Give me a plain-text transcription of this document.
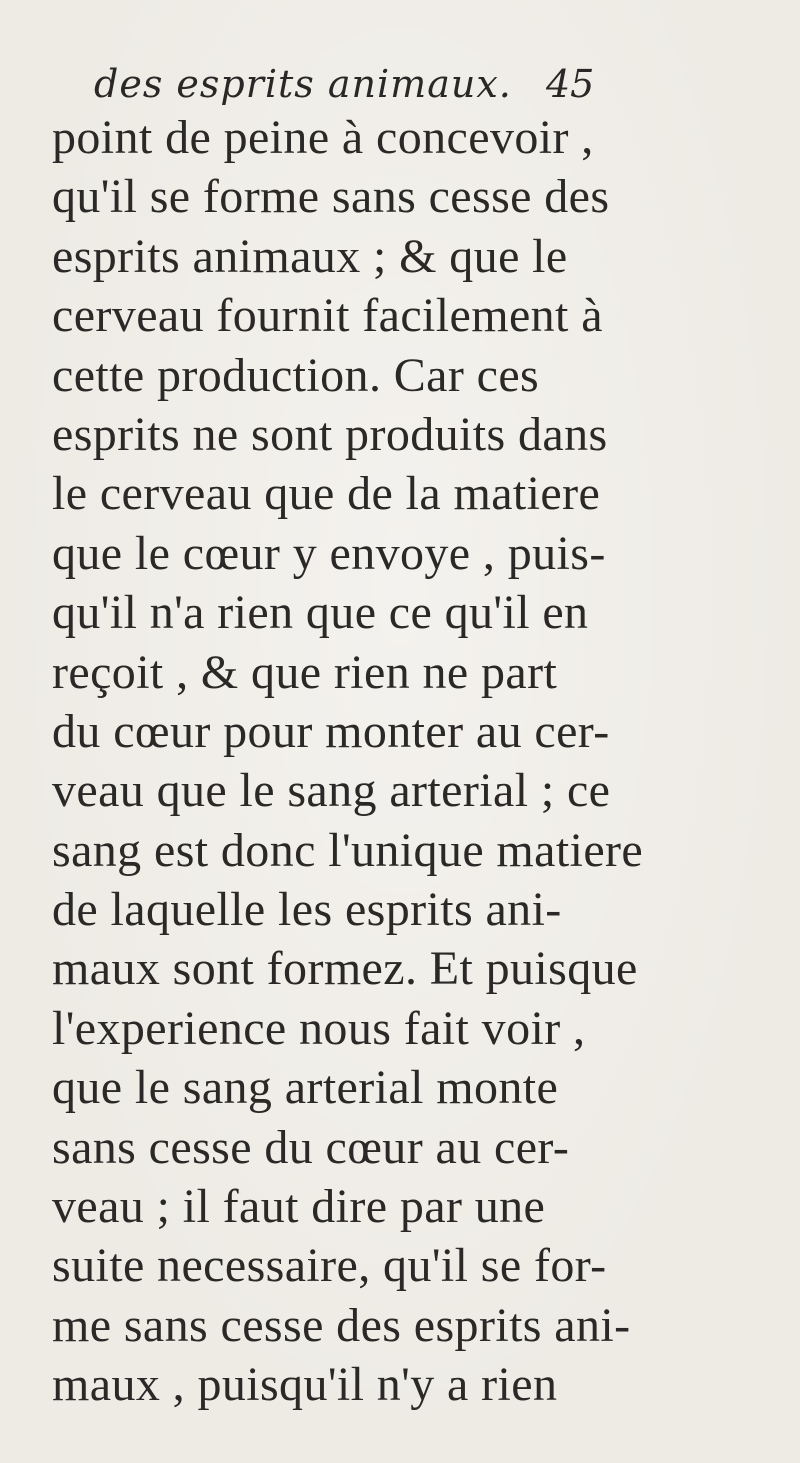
des esprits animaux. 45
point de peine à concevoir ,
qu'il se forme sans cesse des
esprits animaux ; & que le
cerveau fournit facilement à
cette production. Car ces
esprits ne sont produits dans
le cerveau que de la matiere
que le cœur y envoye , puis-
qu'il n'a rien que ce qu'il en
reçoit , & que rien ne part
du cœur pour monter au cer-
veau que le sang arterial ; ce
sang est donc l'unique matiere
de laquelle les esprits ani-
maux sont formez. Et puisque
l'experience nous fait voir ,
que le sang arterial monte
sans cesse du cœur au cer-
veau ; il faut dire par une
suite necessaire, qu'il se for-
me sans cesse des esprits ani-
maux , puisqu'il n'y a rien
